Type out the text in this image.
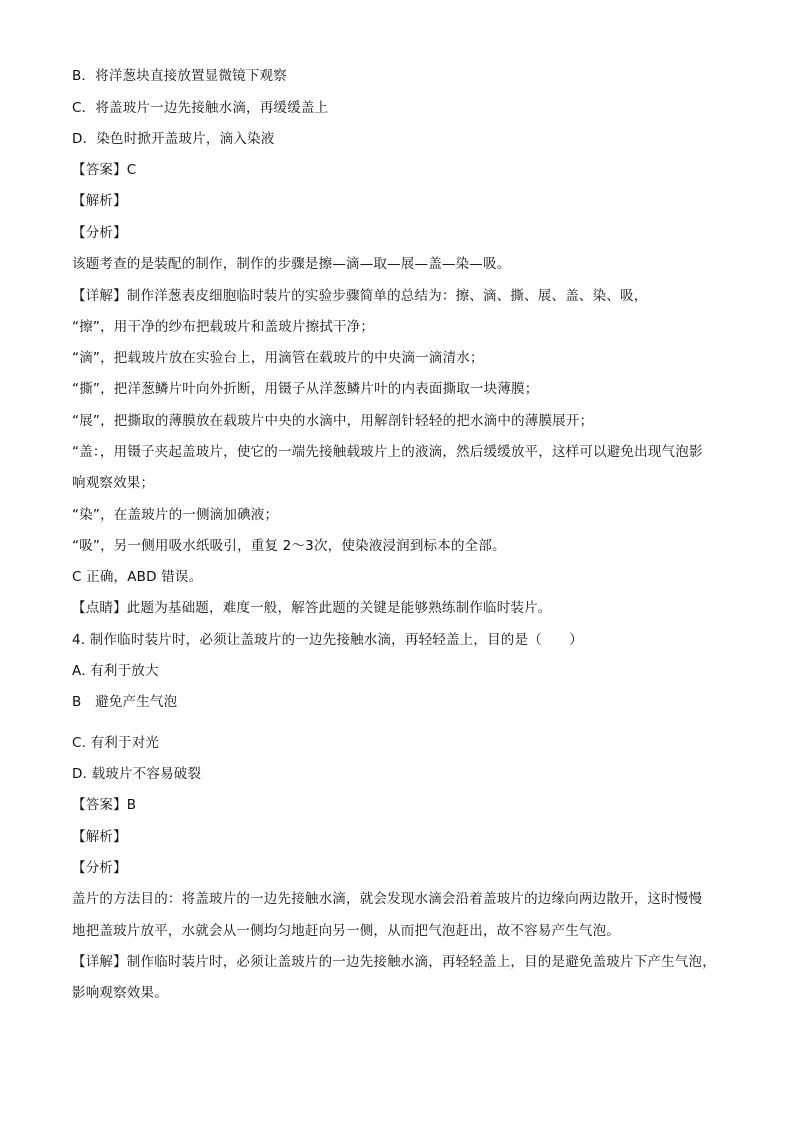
B．将洋葱块直接放置显微镜下观察
C．将盖玻片一边先接触水滴，再缓缓盖上
D．染色时掀开盖玻片，滴入染液
【答案】C
【解析】
【分析】
该题考查的是装配的制作，制作的步骤是擦—滴—取—展—盖—染—吸。
【详解】制作洋葱表皮细胞临时装片的实验步骤简单的总结为：擦、滴、撕、展、盖、染、吸，
“擦”，用干净的纱布把载玻片和盖玻片擦拭干净；
“滴”，把载玻片放在实验台上，用滴管在载玻片的中央滴一滴清水；
“撕”，把洋葱鳞片叶向外折断，用镊子从洋葱鳞片叶的内表面撕取一块薄膜；
“展”，把撕取的薄膜放在载玻片中央的水滴中，用解剖针轻轻的把水滴中的薄膜展开；
“盖：，用镊子夹起盖玻片，使它的一端先接触载玻片上的液滴，然后缓缓放平，这样可以避免出现气泡影
响观察效果；
“染”，在盖玻片的一侧滴加碘液；
“吸”，另一侧用吸水纸吸引，重复 2～3次，使染液浸润到标本的全部。
C 正确，ABD 错误。
【点睛】此题为基础题，难度一般，解答此题的关键是能够熟练制作临时装片。
4. 制作临时装片时，必须让盖玻片的一边先接触水滴，再轻轻盖上，目的是（　　）
A. 有利于放大
B　避免产生气泡
C. 有利于对光
D. 载玻片不容易破裂
【答案】B
【解析】
【分析】
盖片的方法目的：将盖玻片的一边先接触水滴，就会发现水滴会沿着盖玻片的边缘向两边散开，这时慢慢
地把盖玻片放平，水就会从一侧均匀地赶向另一侧，从而把气泡赶出，故不容易产生气泡。
【详解】制作临时装片时，必须让盖玻片的一边先接触水滴，再轻轻盖上，目的是避免盖玻片下产生气泡，
影响观察效果。
